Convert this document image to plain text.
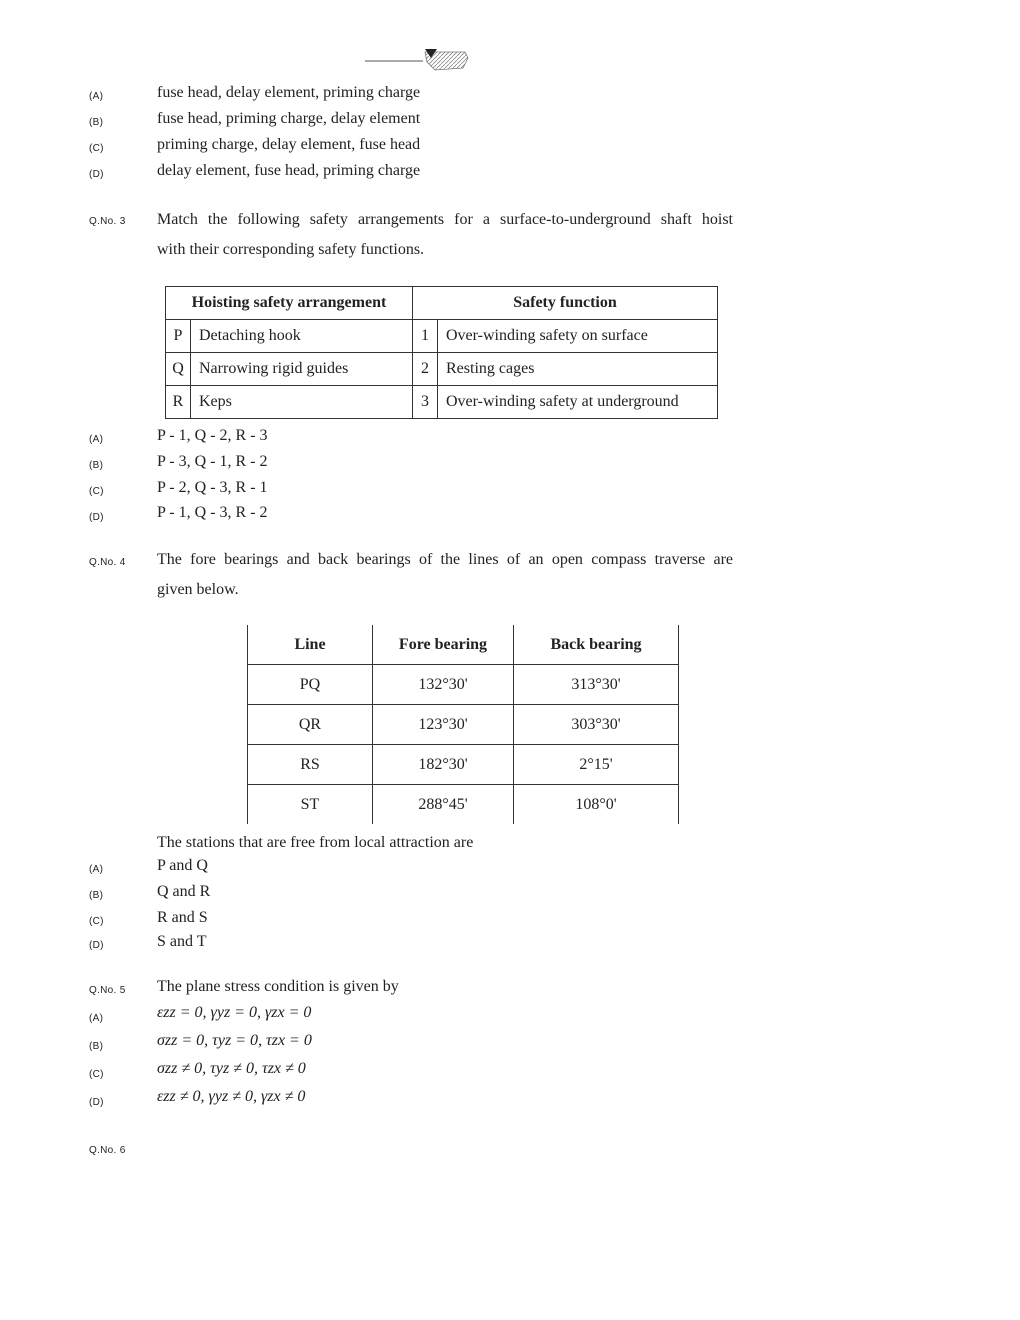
(A)	fuse head, delay element, priming charge
(B)	fuse head, priming charge, delay element
(C)	priming charge, delay element, fuse head
(D)	delay element, fuse head, priming charge
Q.No. 3 Match the following safety arrangements for a surface-to-underground shaft hoist
with their corresponding safety functions.
Hoisting safety arrangement		Safety function	
P	Detaching hook	1	Over-winding safety on surface
Q	Narrowing rigid guides	2	Resting cages
R	Keps	3	Over-winding safety at underground
(A)	P - 1, Q - 2, R - 3
(B)	P - 3, Q - 1, R - 2
(C)	P - 2, Q - 3, R - 1
(D)	P - 1, Q - 3, R - 2
Q.No. 4 The fore bearings and back bearings of the lines of an open compass traverse are
given below.
Line	Fore bearing	Back bearing
PQ	132°30'	313°30'
QR	123°30'	303°30'
RS	182°30'	2°15'
ST	288°45'	108°0'
The stations that are free from local attraction are
(A)	P and Q
(B)	Q and R
(C)	R and S
(D)	S and T
Q.No. 5 The plane stress condition is given by
(A)	εzz = 0, γyz = 0, γzx = 0
(B)	σzz = 0, τyz = 0, τzx = 0
(C)	σzz ≠ 0, τyz ≠ 0, τzx ≠ 0
(D)	εzz ≠ 0, γyz ≠ 0, γzx ≠ 0
Q.No. 6
